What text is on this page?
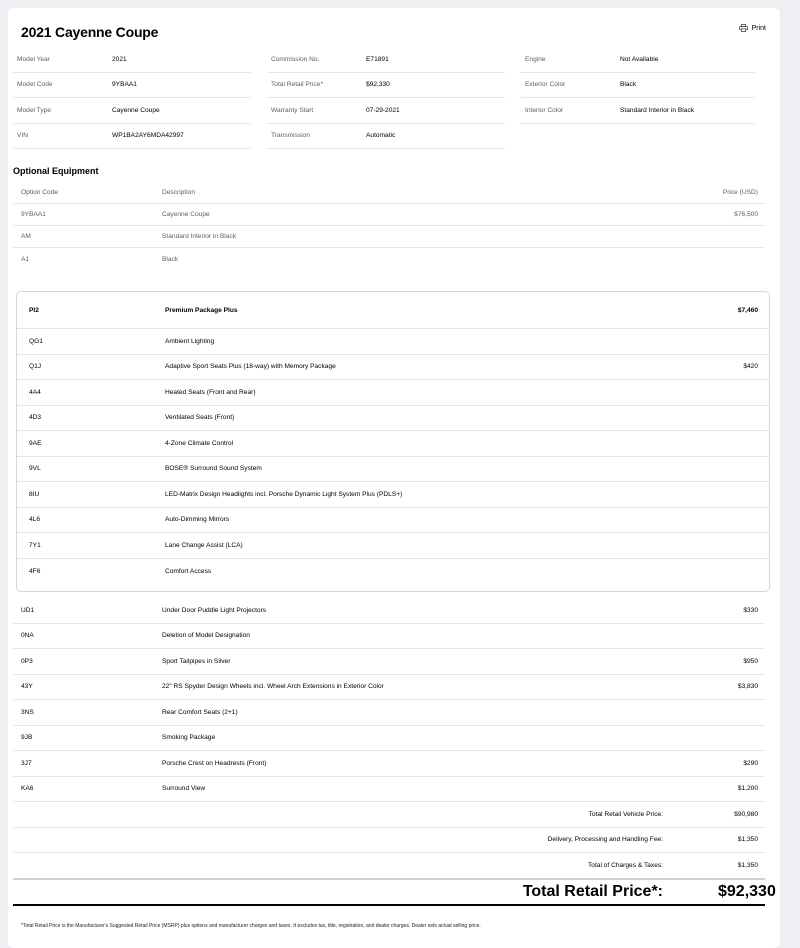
2021 Cayenne Coupe	Print
Model Year	2021
Model Code	9YBAA1
Model Type	Cayenne Coupe
VIN	WP1BA2AY6MDA42997
Commission No.	E71891
Total Retail Price*	$92,330
Warranty Start	07-29-2021
Transmission	Automatic
Engine	Not Available
Exterior Color	Black
Interior Color	Standard Interior in Black
Optional Equipment
Option Code	Description	Price (USD)
9YBAA1	Cayenne Coupe	$76,500
AM	Standard Interior in Black
A1	Black
PI2	Premium Package Plus	$7,460
QG1	Ambient Lighting
Q1J	Adaptive Sport Seats Plus (18-way) with Memory Package	$420
4A4	Heated Seats (Front and Rear)
4D3	Ventilated Seats (Front)
9AE	4-Zone Climate Control
9VL	BOSE® Surround Sound System
8IU	LED-Matrix Design Headlights incl. Porsche Dynamic Light System Plus (PDLS+)
4L6	Auto-Dimming Mirrors
7Y1	Lane Change Assist (LCA)
4F6	Comfort Access
UD1	Under Door Puddle Light Projectors	$330
0NA	Deletion of Model Designation
0P3	Sport Tailpipes in Silver	$950
43Y	22" RS Spyder Design Wheels incl. Wheel Arch Extensions in Exterior Color	$3,830
3NS	Rear Comfort Seats (2+1)
9JB	Smoking Package
3J7	Porsche Crest on Headrests (Front)	$290
KA6	Surround View	$1,200
Total Retail Vehicle Price:	$90,980
Delivery, Processing and Handling Fee:	$1,350
Total of Charges & Taxes:	$1,350
Total Retail Price*:	$92,330
*Total Retail Price is the Manufacturer's Suggested Retail Price (MSRP) plus options and manufacturer charges and taxes. It excludes tax, title, registration, and dealer charges. Dealer sets actual selling price.
